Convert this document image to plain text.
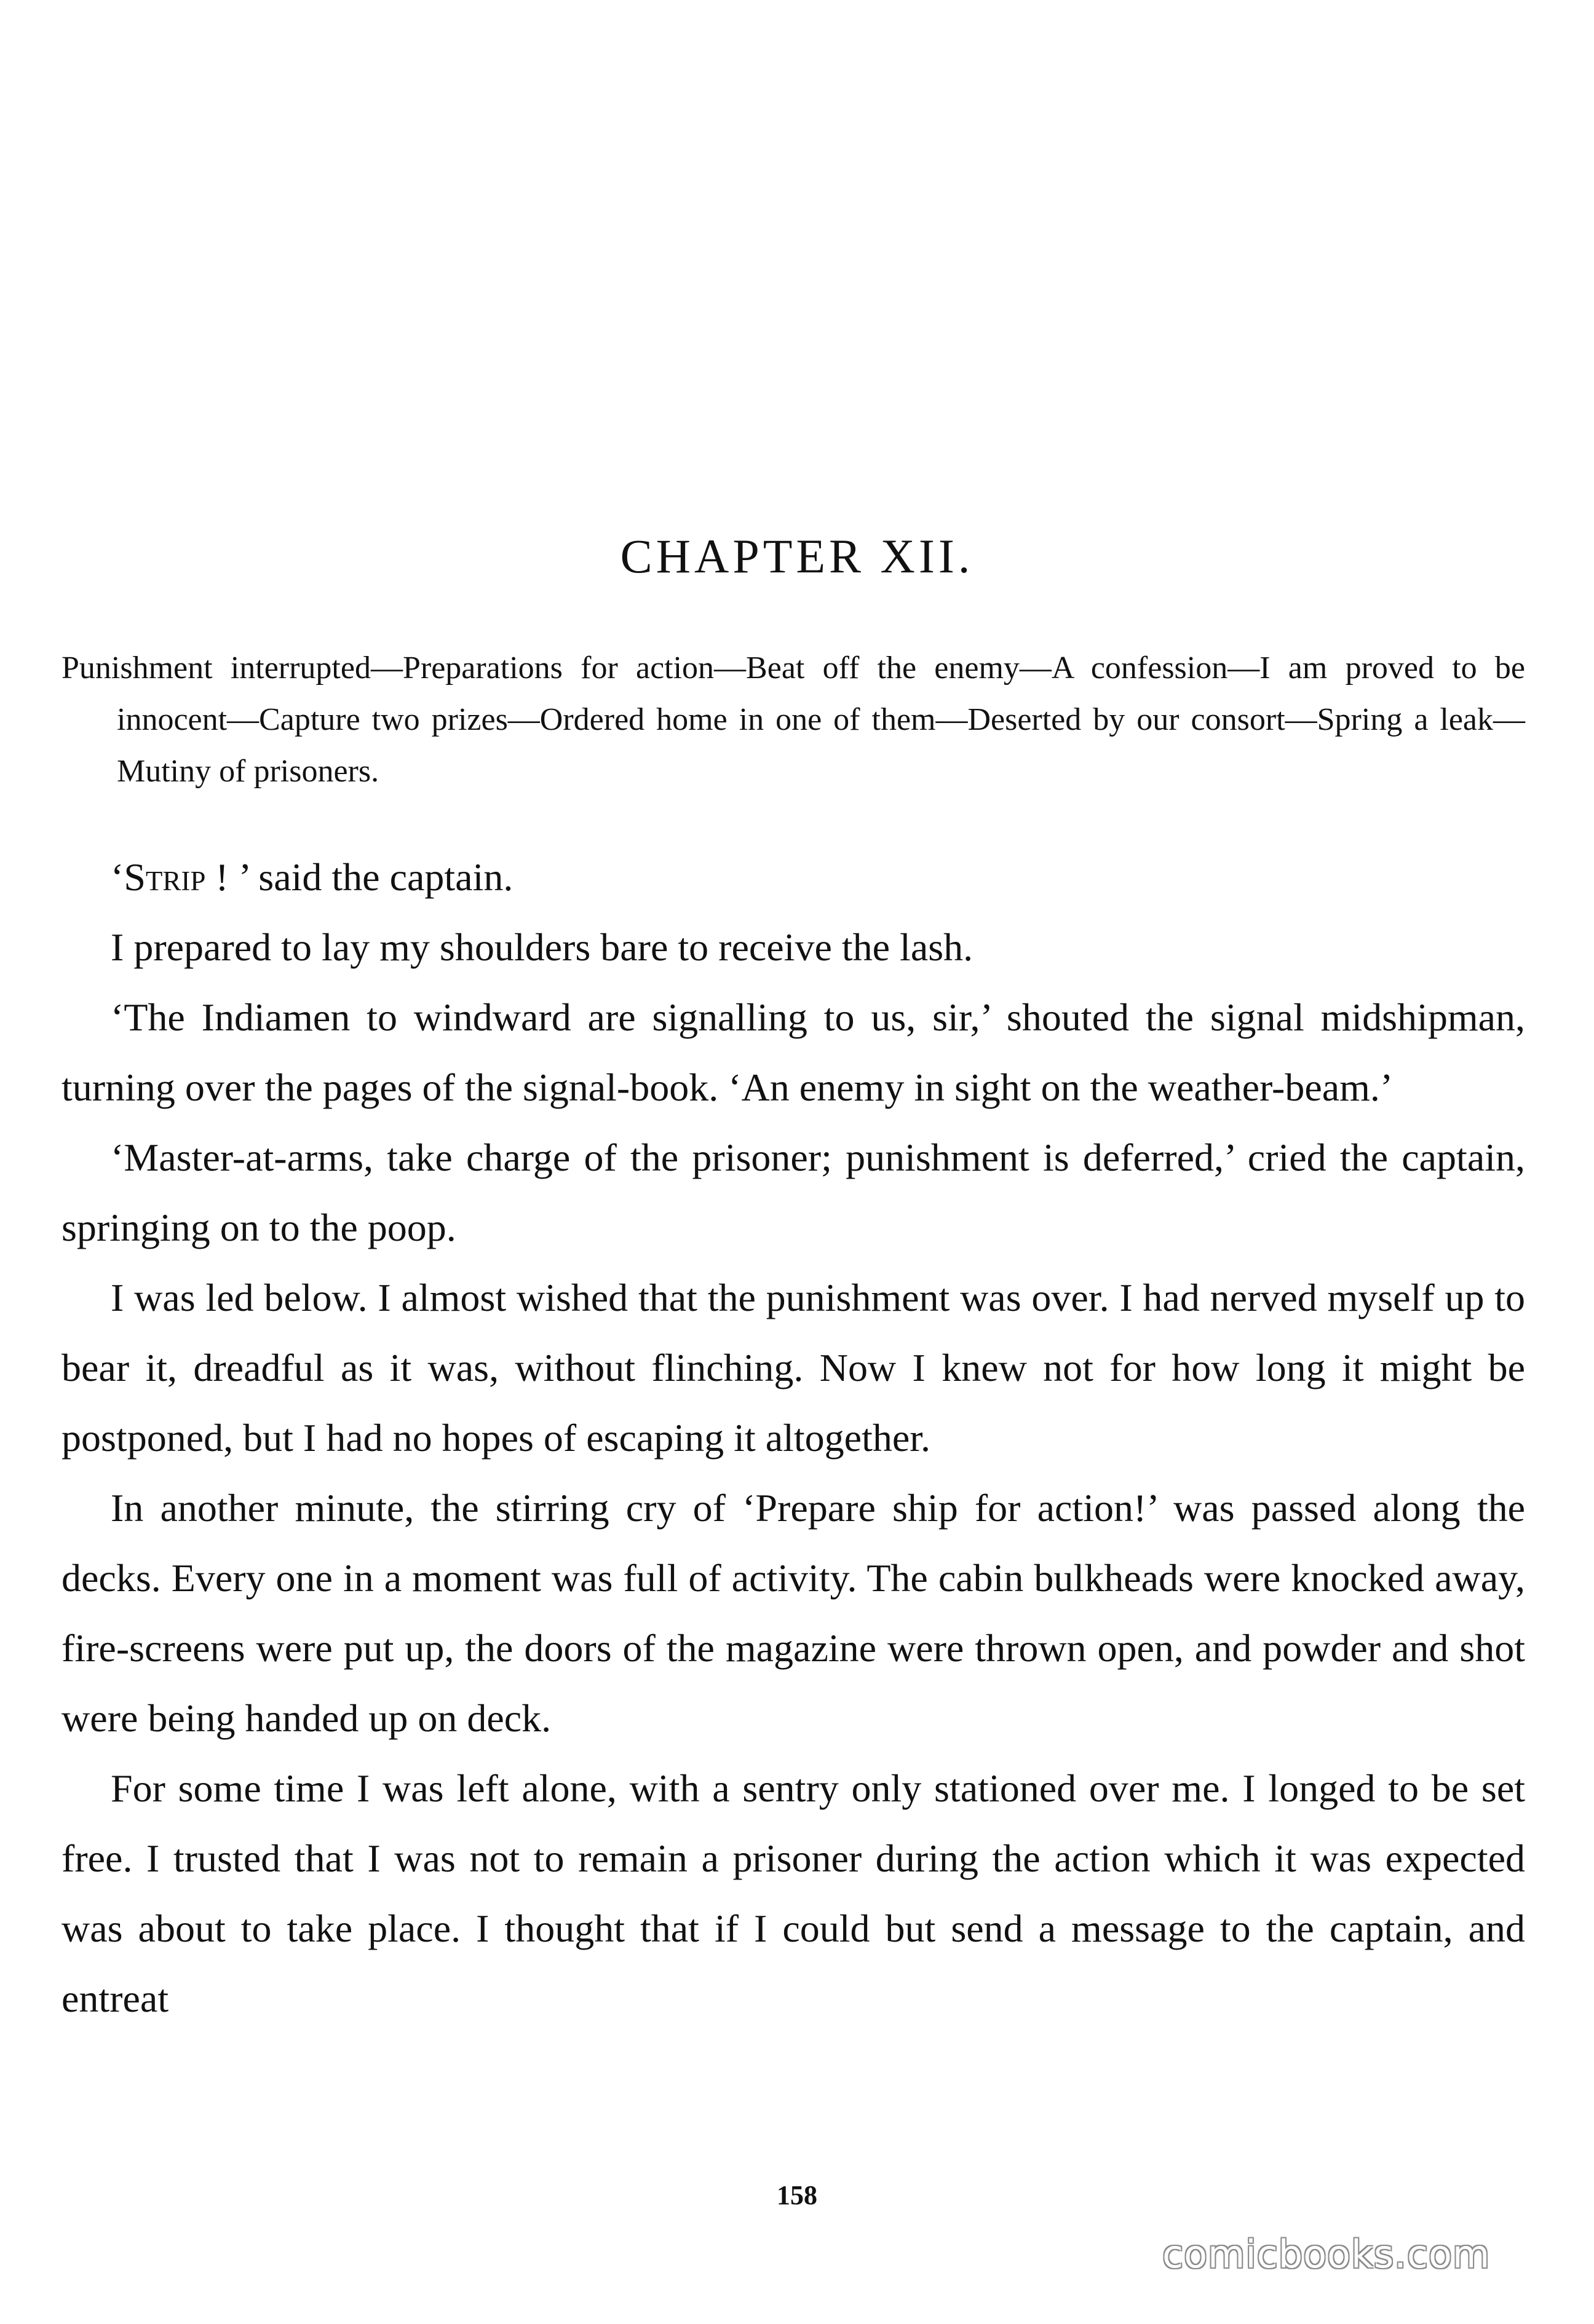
CHAPTER XII.

Punishment interrupted—Preparations for action—Beat off the enemy—A confession—I am proved to be innocent—Capture two prizes—Ordered home in one of them—Deserted by our consort—Spring a leak—Mutiny of prisoners.

‘Strip ! ’ said the captain.

I prepared to lay my shoulders bare to receive the lash.

‘The Indiamen to windward are signalling to us, sir,’ shouted the signal midshipman, turning over the pages of the signal-book. ‘An enemy in sight on the weather-beam.’

‘Master-at-arms, take charge of the prisoner; punishment is deferred,’ cried the captain, springing on to the poop.

I was led below. I almost wished that the punishment was over. I had nerved myself up to bear it, dreadful as it was, without flinching. Now I knew not for how long it might be postponed, but I had no hopes of escaping it altogether.

In another minute, the stirring cry of ‘Prepare ship for action!’ was passed along the decks. Every one in a moment was full of activity. The cabin bulkheads were knocked away, fire-screens were put up, the doors of the magazine were thrown open, and powder and shot were being handed up on deck.

For some time I was left alone, with a sentry only stationed over me. I longed to be set free. I trusted that I was not to remain a prisoner during the action which it was expected was about to take place. I thought that if I could but send a message to the captain, and entreat

158
comicbooks.com
